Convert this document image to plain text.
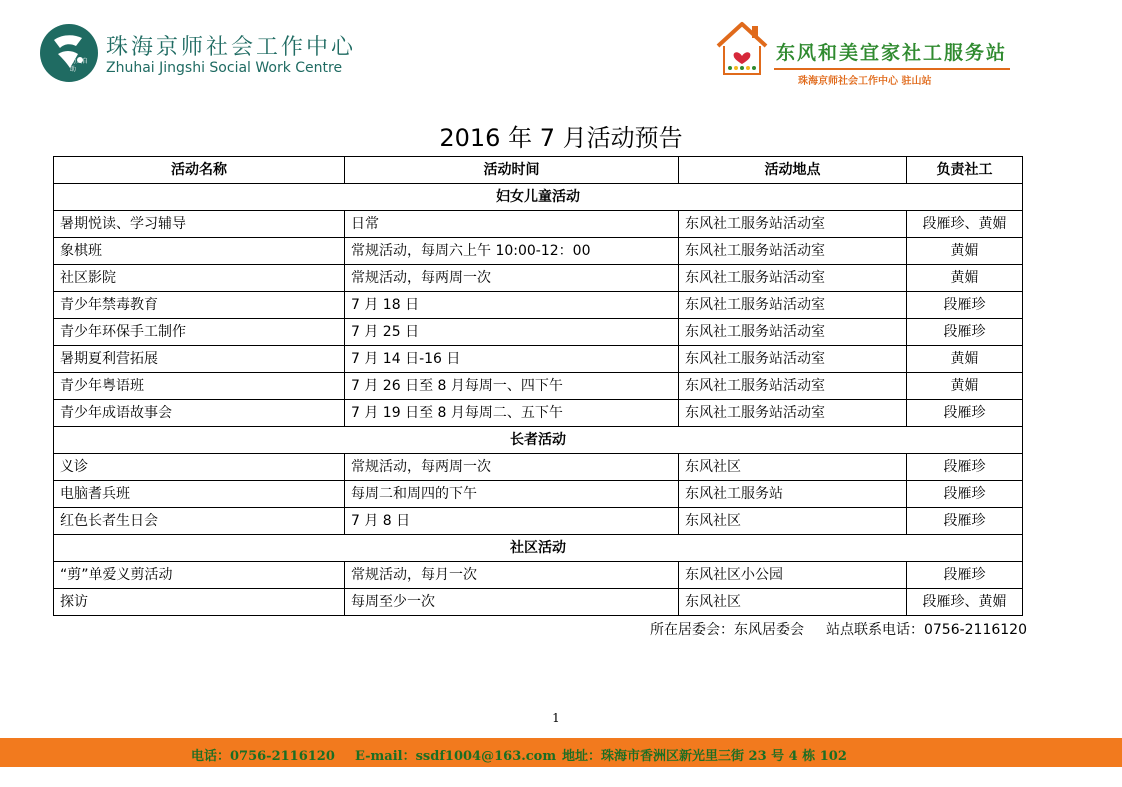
助人自助
珠海京师社会工作中心
Zhuhai Jingshi Social Work Centre
东风和美宜家社工服务站
珠海京师社会工作中心 驻山站
2016 年 7 月活动预告
活动名称	活动时间	活动地点	负责社工
妇女儿童活动			
暑期悦读、学习辅导	日常	东风社工服务站活动室	段雁珍、黄媚
象棋班	常规活动，每周六上午 10:00-12：00	东风社工服务站活动室	黄媚
社区影院	常规活动，每两周一次	东风社工服务站活动室	黄媚
青少年禁毒教育	7 月 18 日	东风社工服务站活动室	段雁珍
青少年环保手工制作	7 月 25 日	东风社工服务站活动室	段雁珍
暑期夏利营拓展	7 月 14 日-16 日	东风社工服务站活动室	黄媚
青少年粤语班	7 月 26 日至 8 月每周一、四下午	东风社工服务站活动室	黄媚
青少年成语故事会	7 月 19 日至 8 月每周二、五下午	东风社工服务站活动室	段雁珍
长者活动			
义诊	常规活动，每两周一次	东风社区	段雁珍
电脑耆兵班	每周二和周四的下午	东风社工服务站	段雁珍
红色长者生日会	7 月 8 日	东风社区	段雁珍
社区活动			
“剪”单爱义剪活动	常规活动，每月一次	东风社区小公园	段雁珍
探访	每周至少一次	东风社区	段雁珍、黄媚
所在居委会：东风居委会 站点联系电话：0756-2116120
1
电话：0756-2116120 E-mail：ssdf1004@163.com 地址：珠海市香洲区新光里三街 23 号 4 栋 102
